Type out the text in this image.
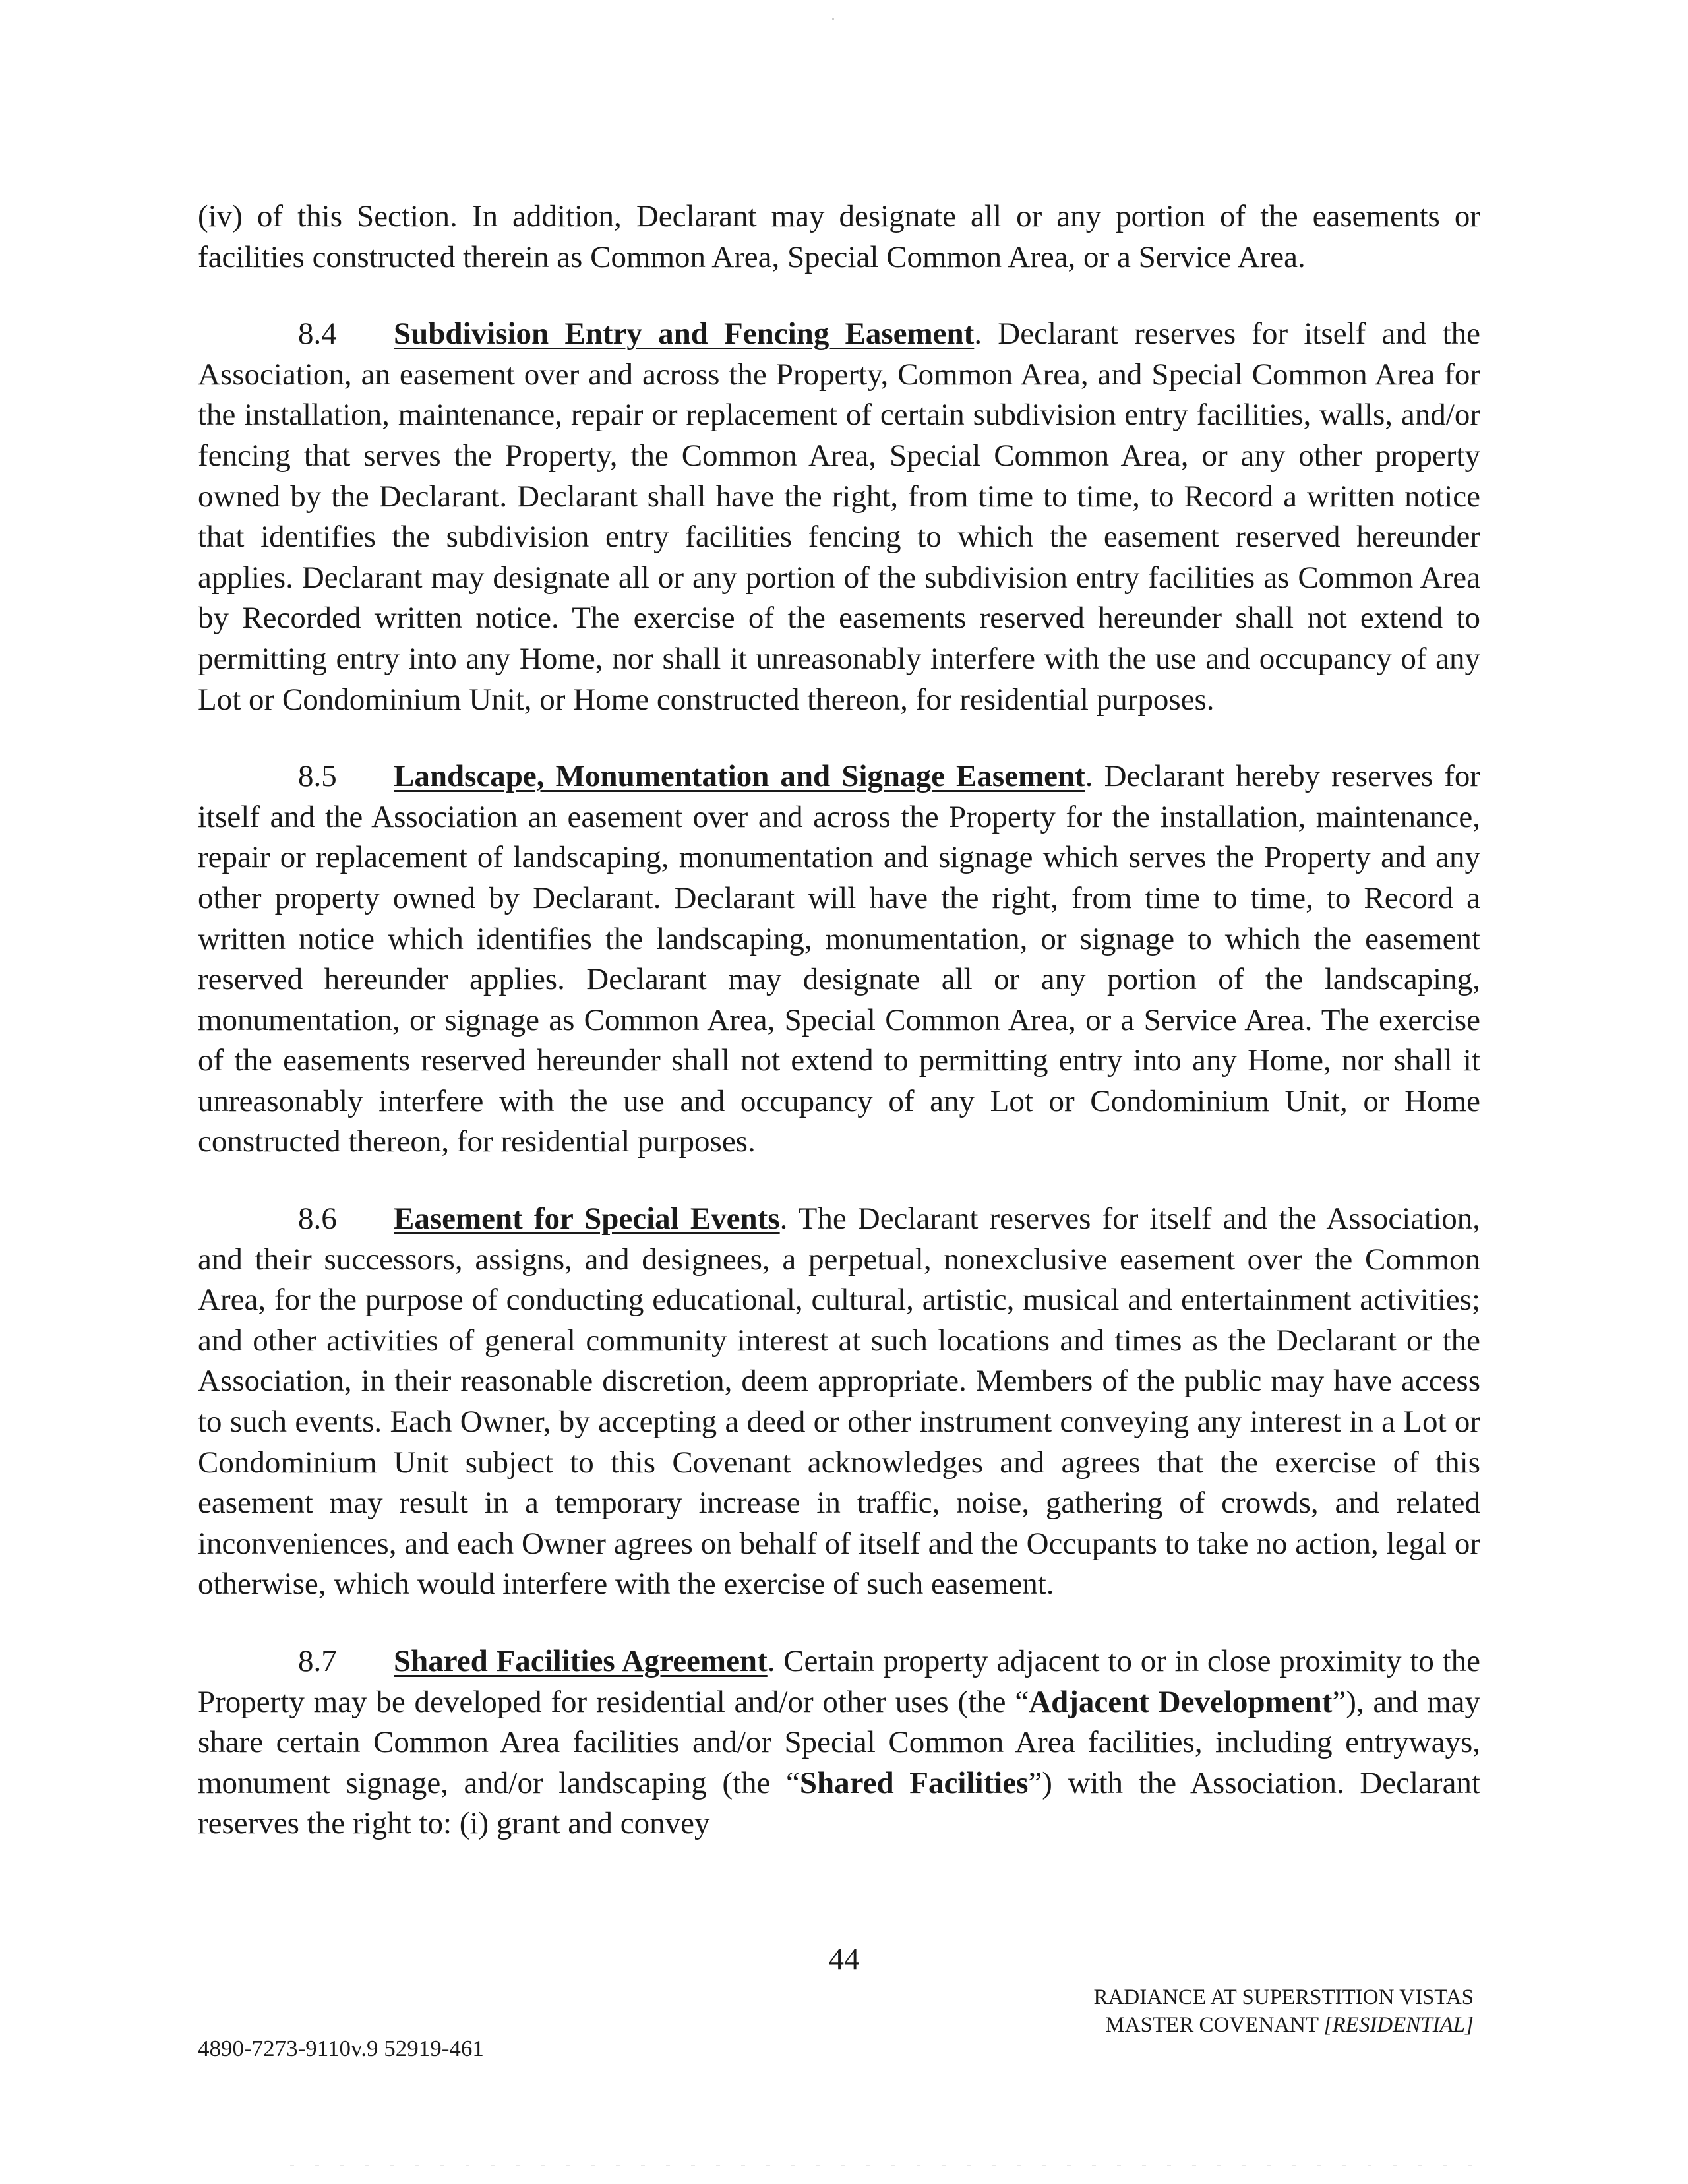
(iv) of this Section. In addition, Declarant may designate all or any portion of the easements or facilities constructed therein as Common Area, Special Common Area, or a Service Area.

8.4 Subdivision Entry and Fencing Easement. Declarant reserves for itself and the Association, an easement over and across the Property, Common Area, and Special Common Area for the installation, maintenance, repair or replacement of certain subdivision entry facilities, walls, and/or fencing that serves the Property, the Common Area, Special Common Area, or any other property owned by the Declarant. Declarant shall have the right, from time to time, to Record a written notice that identifies the subdivision entry facilities fencing to which the easement reserved hereunder applies. Declarant may designate all or any portion of the subdivision entry facilities as Common Area by Recorded written notice. The exercise of the easements reserved hereunder shall not extend to permitting entry into any Home, nor shall it unreasonably interfere with the use and occupancy of any Lot or Condominium Unit, or Home constructed thereon, for residential purposes.

8.5 Landscape, Monumentation and Signage Easement. Declarant hereby reserves for itself and the Association an easement over and across the Property for the installation, maintenance, repair or replacement of landscaping, monumentation and signage which serves the Property and any other property owned by Declarant. Declarant will have the right, from time to time, to Record a written notice which identifies the landscaping, monumentation, or signage to which the easement reserved hereunder applies. Declarant may designate all or any portion of the landscaping, monumentation, or signage as Common Area, Special Common Area, or a Service Area. The exercise of the easements reserved hereunder shall not extend to permitting entry into any Home, nor shall it unreasonably interfere with the use and occupancy of any Lot or Condominium Unit, or Home constructed thereon, for residential purposes.

8.6 Easement for Special Events. The Declarant reserves for itself and the Association, and their successors, assigns, and designees, a perpetual, nonexclusive easement over the Common Area, for the purpose of conducting educational, cultural, artistic, musical and entertainment activities; and other activities of general community interest at such locations and times as the Declarant or the Association, in their reasonable discretion, deem appropriate. Members of the public may have access to such events. Each Owner, by accepting a deed or other instrument conveying any interest in a Lot or Condominium Unit subject to this Covenant acknowledges and agrees that the exercise of this easement may result in a temporary increase in traffic, noise, gathering of crowds, and related inconveniences, and each Owner agrees on behalf of itself and the Occupants to take no action, legal or otherwise, which would interfere with the exercise of such easement.

8.7 Shared Facilities Agreement. Certain property adjacent to or in close proximity to the Property may be developed for residential and/or other uses (the “Adjacent Development”), and may share certain Common Area facilities and/or Special Common Area facilities, including entryways, monument signage, and/or landscaping (the “Shared Facilities”) with the Association. Declarant reserves the right to: (i) grant and convey

44
RADIANCE AT SUPERSTITION VISTAS
MASTER COVENANT [RESIDENTIAL]
4890-7273-9110v.9 52919-461
